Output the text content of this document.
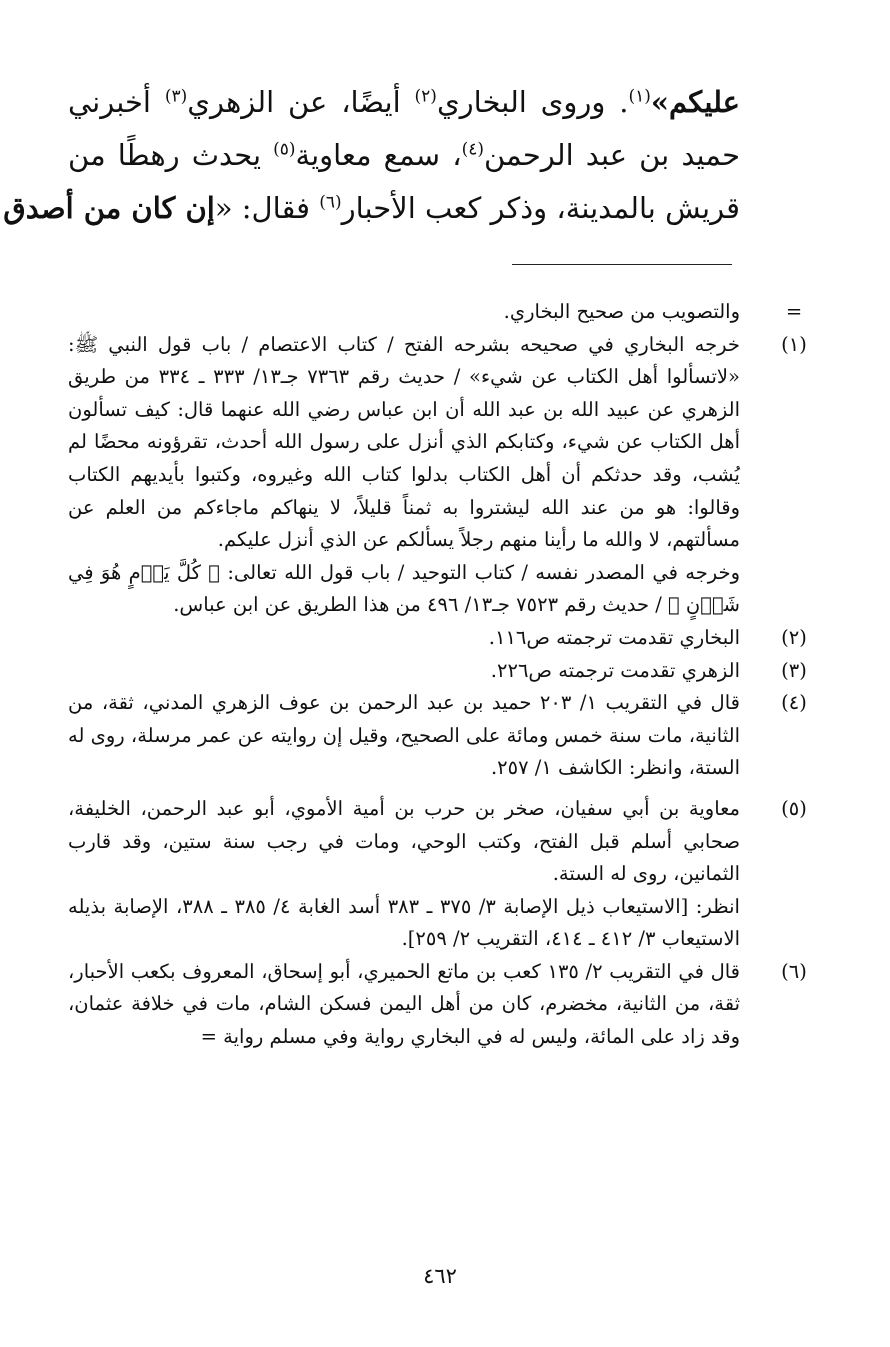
عليكم»$^{(١)}$. وروى البخاري$^{(٢)}$ أيضًا، عن الزهري$^{(٣)}$ أخبرني
حميد بن عبد الرحمن$^{(٤)}$، سمع معاوية$^{(٥)}$ يحدث رهطًا من
قريش بالمدينة، وذكر كعب الأحبار$^{(٦)}$ فقال: «إن كان من أصدق
=
والتصويب من صحيح البخاري.
(١)
خرجه البخاري في صحيحه بشرحه الفتح / كتاب الاعتصام / باب قول النبي ﷺ: «لاتسألوا أهل الكتاب عن شيء» / حديث رقم ٧٣٦٣ جـ١٣/ ٣٣٣ ـ ٣٣٤ من طريق الزهري عن عبيد الله بن عبد الله أن ابن عباس رضي الله عنهما قال: كيف تسألون أهل الكتاب عن شيء، وكتابكم الذي أنزل على رسول الله أحدث، تقرؤونه محضًا لم يُشب، وقد حدثكم أن أهل الكتاب بدلوا كتاب الله وغيروه، وكتبوا بأيديهم الكتاب وقالوا: هو من عند الله ليشتروا به ثمناً قليلاً، لا ينهاكم ماجاءكم من العلم عن مسألتهم، لا والله ما رأينا منهم رجلاً يسألكم عن الذي أنزل عليكم.
وخرجه في المصدر نفسه / كتاب التوحيد / باب قول الله تعالى: ﴿ كُلَّ يَوۡمٍ هُوَ فِي شَأۡنٍ ﴾ / حديث رقم ٧٥٢٣ جـ١٣/ ٤٩٦ من هذا الطريق عن ابن عباس.
(٢)
البخاري تقدمت ترجمته ص١١٦.
(٣)
الزهري تقدمت ترجمته ص٢٢٦.
(٤)
قال في التقريب ١/ ٢٠٣ حميد بن عبد الرحمن بن عوف الزهري المدني، ثقة، من الثانية، مات سنة خمس ومائة على الصحيح، وقيل إن روايته عن عمر مرسلة، روى له الستة، وانظر: الكاشف ١/ ٢٥٧.
(٥)
معاوية بن أبي سفيان، صخر بن حرب بن أمية الأموي، أبو عبد الرحمن، الخليفة، صحابي أسلم قبل الفتح، وكتب الوحي، ومات في رجب سنة ستين، وقد قارب الثمانين، روى له الستة.
انظر: [الاستيعاب ذيل الإصابة ٣/ ٣٧٥ ـ ٣٨٣ أسد الغابة ٤/ ٣٨٥ ـ ٣٨٨، الإصابة بذيله الاستيعاب ٣/ ٤١٢ ـ ٤١٤، التقريب ٢/ ٢٥٩].
(٦)
قال في التقريب ٢/ ١٣٥ كعب بن ماتع الحميري، أبو إسحاق، المعروف بكعب الأحبار، ثقة، من الثانية، مخضرم، كان من أهل اليمن فسكن الشام، مات في خلافة عثمان، وقد زاد على المائة، وليس له في البخاري رواية وفي مسلم رواية =
٤٦٢
